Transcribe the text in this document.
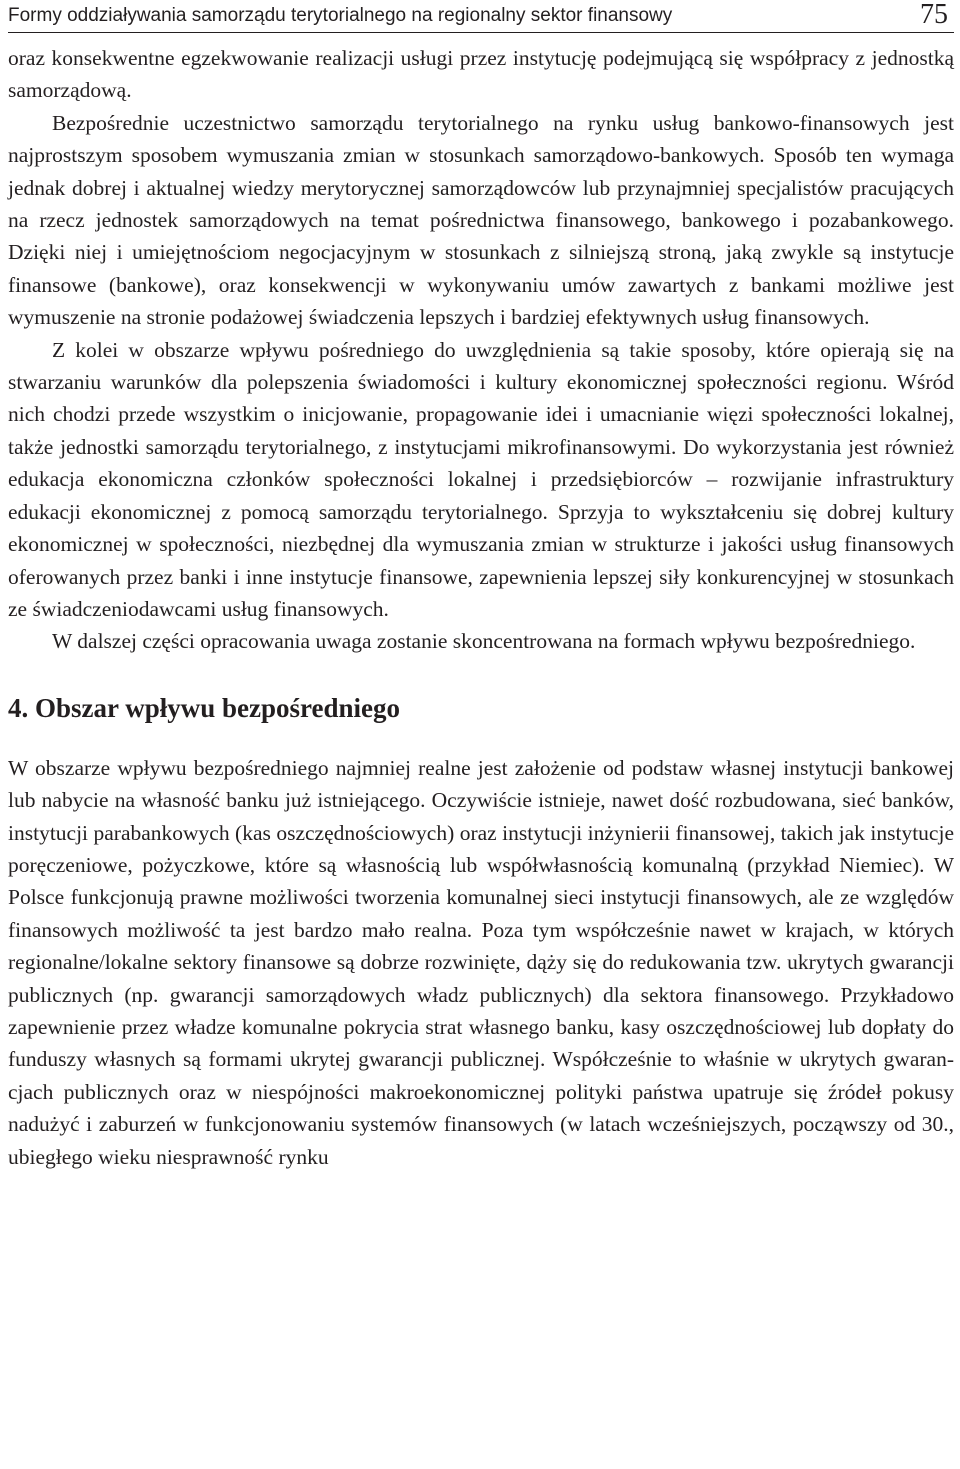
Formy oddziaływania samorządu terytorialnego na regionalny sektor finansowy	75

oraz konsekwentne egzekwowanie realizacji usługi przez instytucję podejmującą się współpracy z jednostką samorządową.

Bezpośrednie uczestnictwo samorządu terytorialnego na rynku usług bankowo-finansowych jest najprostszym sposobem wymuszania zmian w stosunkach samorządowo-bankowych. Sposób ten wymaga jednak dobrej i aktualnej wiedzy merytorycznej samorządowców lub przynajmniej specjalistów pracujących na rzecz jednostek samorządowych na temat pośrednictwa finansowego, bankowego i pozabankowego. Dzięki niej i umiejętnościom negocjacyjnym w stosunkach z silniejszą stroną, jaką zwykle są instytucje finansowe (bankowe), oraz konsekwencji w wykonywaniu umów zawartych z bankami możliwe jest wymuszenie na stronie podażowej świadczenia lepszych i bardziej efektywnych usług finansowych.

Z kolei w obszarze wpływu pośredniego do uwzględnienia są takie sposoby, które opierają się na stwarzaniu warunków dla polepszenia świadomości i kultury ekonomicznej społeczności regionu. Wśród nich chodzi przede wszystkim o inicjowanie, propagowanie idei i umacnianie więzi społeczności lokalnej, także jednostki samorządu terytorialnego, z instytucjami mikrofinansowymi. Do wykorzystania jest również edukacja ekonomiczna członków społeczności lokalnej i przedsiębiorców – rozwijanie infrastruktury edukacji ekonomicznej z pomocą samorządu terytorialnego. Sprzyja to wykształceniu się dobrej kultury ekonomicznej w społeczności, niezbędnej dla wymuszania zmian w strukturze i jakości usług finansowych oferowanych przez banki i inne instytucje finansowe, zapewnienia lepszej siły konkurencyjnej w stosunkach ze świadczeniodawcami usług finansowych.

W dalszej części opracowania uwaga zostanie skoncentrowana na formach wpływu bezpośredniego.

4. Obszar wpływu bezpośredniego

W obszarze wpływu bezpośredniego najmniej realne jest założenie od podstaw własnej instytucji bankowej lub nabycie na własność banku już istniejącego. Oczywiście istnieje, nawet dość rozbudowana, sieć banków, instytucji parabankowych (kas oszczędnościowych) oraz instytucji inżynierii finansowej, takich jak instytucje poręczeniowe, pożyczkowe, które są własnością lub współwłasnością komunalną (przykład Niemiec). W Polsce funkcjonują prawne możliwości tworzenia komunalnej sieci instytucji finansowych, ale ze względów finansowych możliwość ta jest bardzo mało realna. Poza tym współcześnie nawet w krajach, w których regionalne/​lokalne sektory finansowe są dobrze rozwinięte, dąży się do redukowania tzw. ukrytych gwarancji publicznych (np. gwarancji samorządowych władz publicznych) dla sektora finansowego. Przykładowo zapewnienie przez władze komunalne pokrycia strat własnego banku, kasy oszczędnościowej lub dopłaty do funduszy własnych są formami ukrytej gwarancji publicznej. Współcześnie to właśnie w ukrytych gwarancjach publicznych oraz w niespójności makroekonomicznej polityki państwa upatruje się źródeł pokusy nadużyć i zaburzeń w funkcjonowaniu systemów finansowych (w latach wcześniejszych, począwszy od 30., ubiegłego wieku niesprawność rynku
